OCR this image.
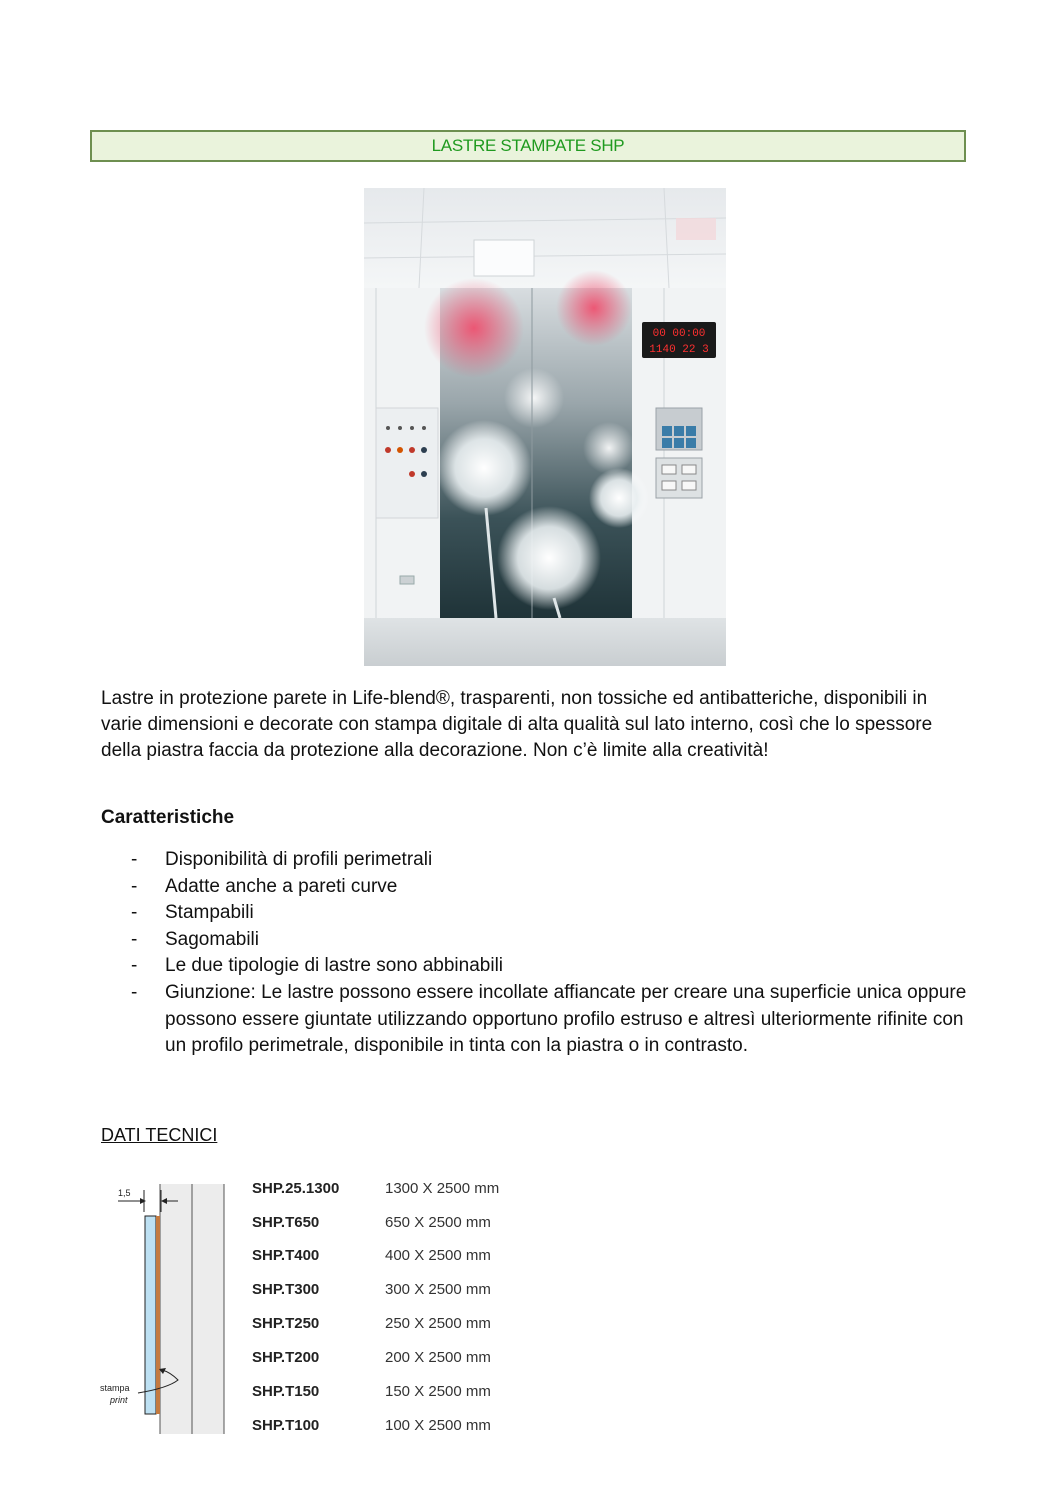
LASTRE STAMPATE SHP
00 00:00
1140 22 3

Lastre in protezione parete in Life-blend®, trasparenti, non tossiche ed antibatteriche, disponibili in varie dimensioni e decorate con stampa digitale di alta qualità sul lato interno, così che lo spessore della piastra faccia da protezione alla decorazione. Non c’è limite alla creatività!

Caratteristiche
- Disponibilità di profili perimetrali
- Adatte anche a pareti curve
- Stampabili
- Sagomabili
- Le due tipologie di lastre sono abbinabili
- Giunzione: Le lastre possono essere incollate affiancate per creare una superficie unica oppure possono essere giuntate utilizzando opportuno profilo estruso e altresì ulteriormente rifinite con un profilo perimetrale, disponibile in tinta con la piastra o in contrasto.

DATI TECNICI

1,5
stampa
print
SHP.25.1300	1300 X 2500 mm
SHP.T650	650 X 2500 mm
SHP.T400	400 X 2500 mm
SHP.T300	300 X 2500 mm
SHP.T250	250 X 2500 mm
SHP.T200	200 X 2500 mm
SHP.T150	150 X 2500 mm
SHP.T100	100 X 2500 mm
